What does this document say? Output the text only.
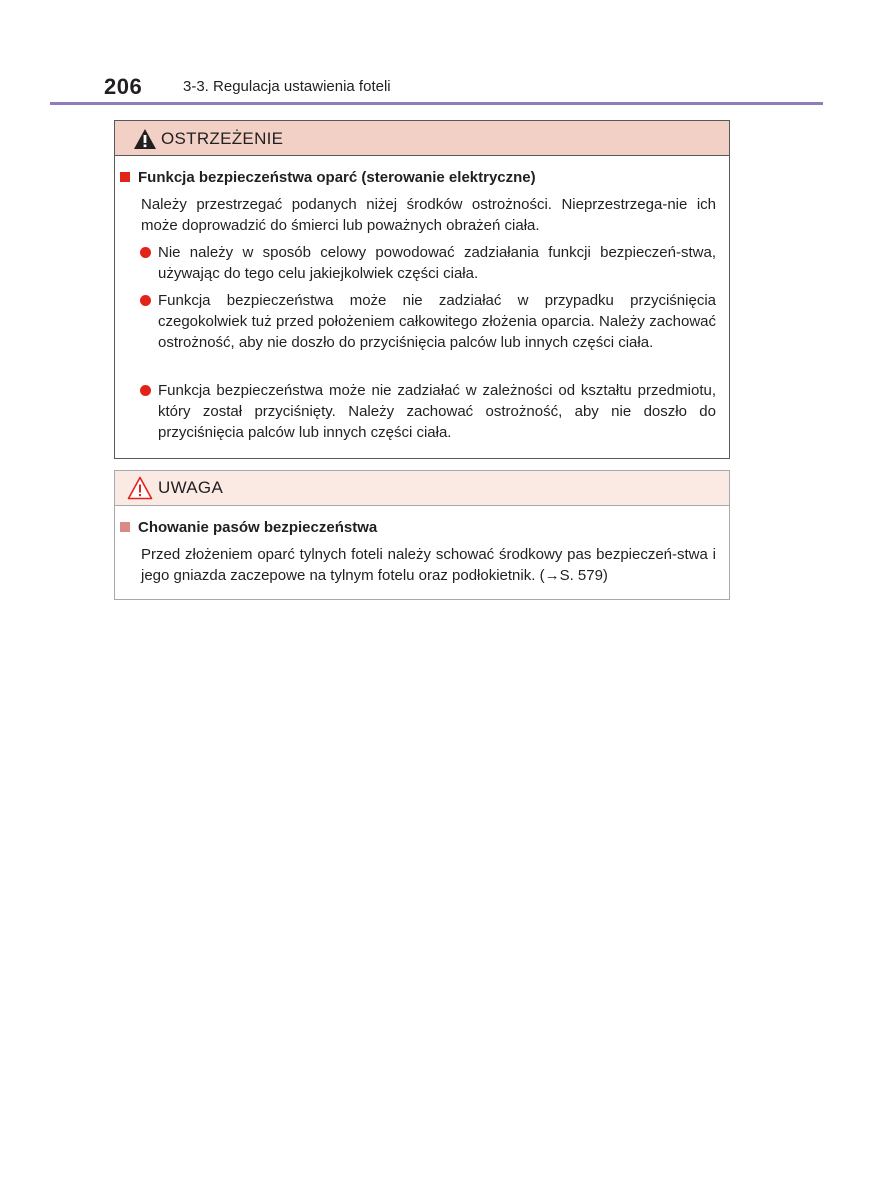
206	3-3. Regulacja ustawienia foteli
OSTRZEŻENIE
Funkcja bezpieczeństwa oparć (sterowanie elektryczne)
Należy przestrzegać podanych niżej środków ostrożności. Nieprzestrzega-nie ich może doprowadzić do śmierci lub poważnych obrażeń ciała.
Nie należy w sposób celowy powodować zadziałania funkcji bezpieczeń-stwa, używając do tego celu jakiejkolwiek części ciała.
Funkcja bezpieczeństwa może nie zadziałać w przypadku przyciśnięcia czegokolwiek tuż przed położeniem całkowitego złożenia oparcia. Należy zachować ostrożność, aby nie doszło do przyciśnięcia palców lub innych części ciała.
Funkcja bezpieczeństwa może nie zadziałać w zależności od kształtu przedmiotu, który został przyciśnięty. Należy zachować ostrożność, aby nie doszło do przyciśnięcia palców lub innych części ciała.
UWAGA
Chowanie pasów bezpieczeństwa
Przed złożeniem oparć tylnych foteli należy schować środkowy pas bezpieczeń-stwa i jego gniazda zaczepowe na tylnym fotelu oraz podłokietnik. (→S. 579)
